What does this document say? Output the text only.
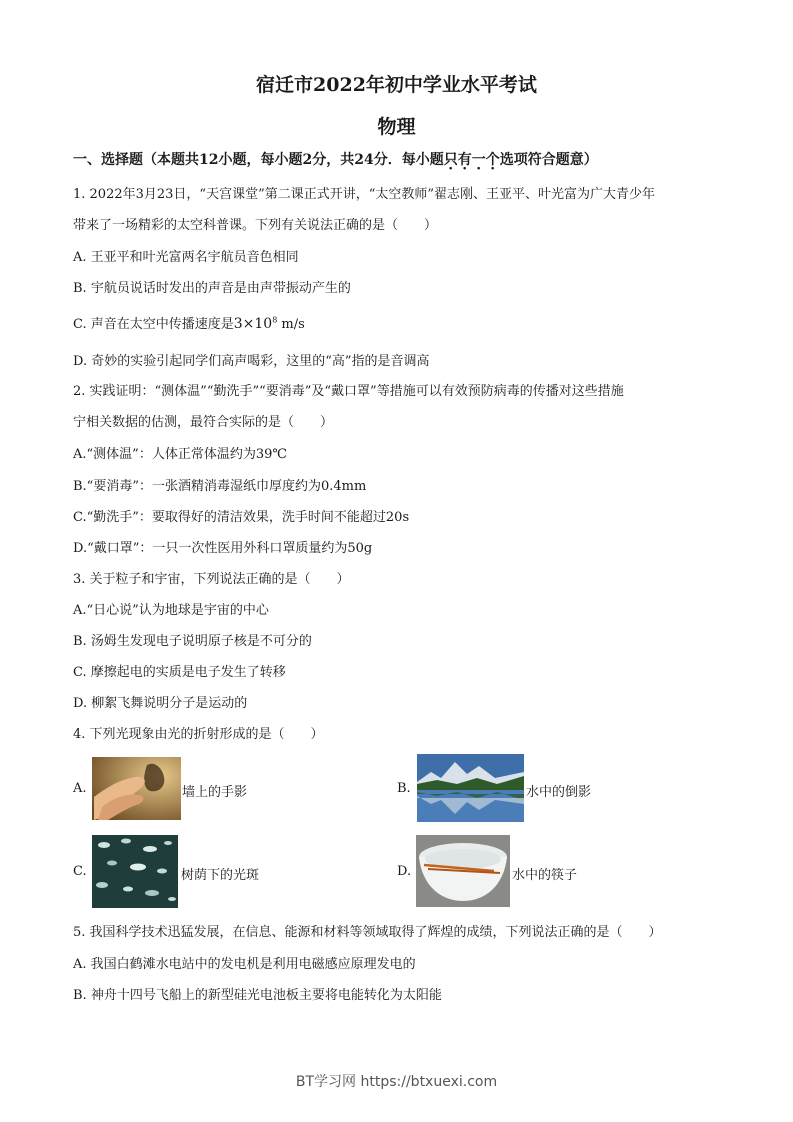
宿迁市2022年初中学业水平考试
物理
一、选择题（本题共12小题，每小题2分，共24分．每小题只有一个选项符合题意）
1. 2022年3月23日，“天宫课堂”第二课正式开讲，“太空教师”翟志刚、王亚平、叶光富为广大青少年
带来了一场精彩的太空科普课。下列有关说法正确的是（　　）
A. 王亚平和叶光富两名宇航员音色相同
B. 宇航员说话时发出的声音是由声带振动产生的
C. 声音在太空中传播速度是$3\times 10^8$ m/s
D. 奇妙的实验引起同学们高声喝彩，这里的“高”指的是音调高
2. 实践证明：“测体温”“勤洗手”“要消毒”及“戴口罩”等措施可以有效预防病毒的传播对这些措施
宁相关数据的估测，最符合实际的是（　　）
A.“测体温”：人体正常体温约为39℃
B.“要消毒”：一张酒精消毒湿纸巾厚度约为0.4mm
C.“勤洗手”：要取得好的清洁效果，洗手时间不能超过20s
D.“戴口罩”：一只一次性医用外科口罩质量约为50g
3. 关于粒子和宇宙，下列说法正确的是（　　）
A.“日心说”认为地球是宇宙的中心
B. 汤姆生发现电子说明原子核是不可分的
C. 摩擦起电的实质是电子发生了转移
D. 柳絮飞舞说明分子是运动的
4. 下列光现象由光的折射形成的是（　　）
A.	墙上的手影	B.	水中的倒影
C.	树荫下的光斑	D.	水中的筷子
5. 我国科学技术迅猛发展，在信息、能源和材料等领域取得了辉煌的成绩，下列说法正确的是（　　）
A. 我国白鹤滩水电站中的发电机是利用电磁感应原理发电的
B. 神舟十四号飞船上的新型硅光电池板主要将电能转化为太阳能
BT学习网 https://btxuexi.com
